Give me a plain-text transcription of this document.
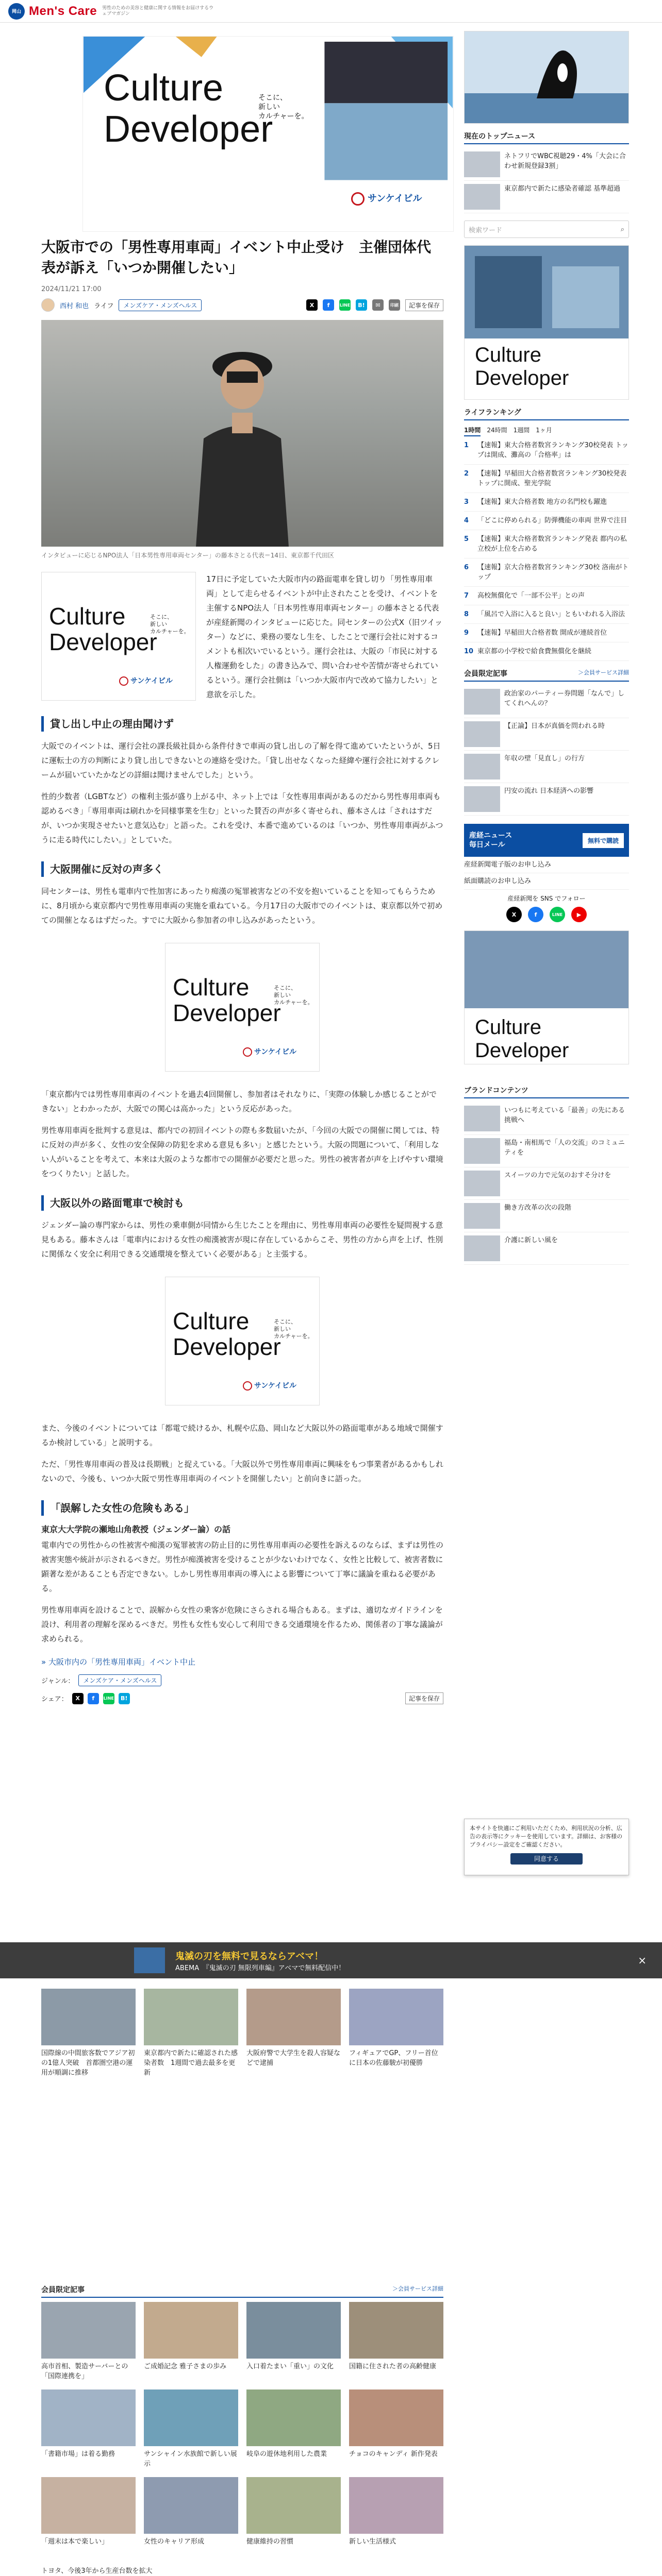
岡山 Men's Care 男性のための美容と健康に関する情報をお届けするウェブマガジン
Culture
Developer
そこに、
新しい
カルチャーを。
サンケイビル
大阪市での「男性専用車両」イベント中止受け　主催団体代表が訴え「いつか開催したい」
2024/11/21 17:00
西村 和也 ライフ	メンズケア・メンズヘルス	X	f	LINE	B!	✉	印刷	記事を保存
インタビューに応じるNPO法人「日本男性専用車両センター」の藤本さとる代表＝14日、東京都千代田区
Culture
Developer
そこに、
新しい
カルチャーを。
サンケイビル

17日に予定していた大阪市内の路面電車を貸し切り「男性専用車両」として走らせるイベントが中止されたことを受け、イベントを主催するNPO法人「日本男性専用車両センター」の藤本さとる代表が産経新聞のインタビューに応じた。同センターの公式X（旧ツイッター）などに、乗務の要なし生を、したことで運行会社に対するコメントも相次いでいるという。運行会社は、大阪の「市民に対する人権運動をした」の書き込みで、問い合わせや苦情が寄せられているという。運行会社側は「いつか大阪市内で改めて協力したい」と意欲を示した。

貸し出し中止の理由聞けず

大阪でのイベントは、運行会社の課長級社員から条件付きで車両の貸し出しの了解を得て進めていたというが、5日に運転士の方の判断により貸し出しできないとの連絡を受けた。「貸し出せなくなった経緯や運行会社に対するクレームが届いていたかなどの詳細は聞けませんでした」という。

性的少数者（LGBTなど）の権利主張が盛り上がる中、ネット上では「女性専用車両があるのだから男性専用車両も認めるべき」「専用車両は刷れかを同様事業を生む」といった賛否の声が多く寄せられ、藤本さんは「されはすだが、いつか実現させたいと意気込む」と語った。これを受け、本番で進めているのは「いつか、男性専用車両がふつうに走る時代にしたい。」としていた。

大阪開催に反対の声多く

同センターは、男性も電車内で性加害にあったり痴漢の冤罪被害などの不安を抱いていることを知ってもらうために、8月頃から東京都内で男性専用車両の実施を重ねている。今月17日の大阪市でのイベントは、東京都以外で初めての開催となるはずだった。すでに大阪から参加者の申し込みがあったという。

Culture
Developer
そこに、
新しい
カルチャーを。
サンケイビル

「東京都内では男性専用車両のイベントを過去4回開催し、参加者はそれなりに、「実際の体験しか感じることができない」とわかったが、大阪での関心は高かった」という反応があった。

男性専用車両を批判する意見は、都内での初回イベントの際も多数届いたが、「今回の大阪での開催に関しては、特に反対の声が多く、女性の安全保障の防犯を求める意見も多い」と感じたという。大阪の問題について、「利用しない人がいることを考えて、本来は大阪のような都市での開催が必要だと思った。男性の被害者が声を上げやすい環境をつくりたい」と話した。

大阪以外の路面電車で検討も

ジェンダー論の専門家からは、男性の乗車側が同情から生じたことを理由に、男性専用車両の必要性を疑問視する意見もある。藤本さんは「電車内における女性の痴漢被害が現に存在しているからこそ、男性の方から声を上げ、性別に関係なく安全に利用できる交通環境を整えていく必要がある」と主張する。

Culture
Developer
そこに、
新しい
カルチャーを。
サンケイビル

また、今後のイベントについては「都電で続けるか、札幌や広島、岡山など大阪以外の路面電車がある地域で開催するか検討している」と説明する。

ただ、「男性専用車両の普及は長期戦」と捉えている。「大阪以外で男性専用車両に興味をもつ事業者があるかもしれないので、今後も、いつか大阪で男性専用車両のイベントを開催したい」と前向きに語った。

「誤解した女性の危険もある」
東京大大学院の瀬地山角教授（ジェンダー論）の話

電車内での男性からの性被害や痴漢の冤罪被害の防止目的に男性専用車両の必要性を訴えるのならば、まずは男性の被害実態や統計が示されるべきだ。男性が痴漢被害を受けることが少ないわけでなく、女性と比較して、被害者数に顕著な差があることも否定できない。しかし男性専用車両の導入による影響について丁寧に議論を重ねる必要がある。

男性専用車両を設けることで、誤解から女性の乗客が危険にさらされる場合もある。まずは、適切なガイドラインを設け、利用者の理解を深めるべきだ。男性も女性も安心して利用できる交通環境を作るため、関係者の丁寧な議論が求められる。

» 大阪市内の「男性専用車両」イベント中止
ジャンル：	メンズケア・メンズヘルス
シェア：	X	f	LINE	B!	記事を保存
現在のトップニュース
ネトフリでWBC視聴29・4%「大会に合わせ新規登録3割」
東京都内で新たに感染者確認 基準超過
検索ワード	⌕
Culture
Developer
ライフランキング
1時間 24時間 1週間 1ヶ月
1	【速報】東大合格者数宮ランキング30校発表 トップは開成、灘高の「合格率」は
2	【速報】早稲田大合格者数宮ランキング30校発表 トップに開成、聖光学院
3	【速報】東大合格者数 地方の名門校も躍進
4	「どこに停められる」防弾機能の車両 世界で注目
5	【速報】東大合格者数宮ランキング発表 都内の私立校が上位を占める
6	【速報】京大合格者数宮ランキング30校 洛南がトップ
7	高校無償化で「一部不公平」との声
8	「風呂で入浴に入ると良い」ともいわれる入浴法
9	【速報】早稲田大合格者数 開成が連続首位
10 東京都の小学校で給食費無償化を継続
会員限定記事	＞会員サービス詳細
政治家のパーティー券問題「なんで」してくれへんの？
【正論】日本が真価を問われる時
年収の壁「見直し」の行方
円安の流れ 日本経済への影響
産経ニュース
毎日メール
無料で購読
産経新聞電子版のお申し込み
紙面購読のお申し込み
産経新聞を SNS でフォロー
X	f	LINE	▶
Culture
Developer
ブランドコンテンツ
いつもに考えている「最善」の先にある挑戦へ
福島・南相馬で「人の交流」のコミュニティを
スイーツの力で元気のおすそ分けを
働き方改革の次の段階
介護に新しい風を
本サイトを快適にご利用いただくため、利用状況の分析、広告の表示等にクッキーを使用しています。詳細は、お客様のプライバシー設定をご確認ください。
同意する
鬼滅の刃を無料で見るならアベマ！
ABEMA　 『鬼滅の刃 無限列車編』アベマで無料配信中！
×
国際線の中間旅客数でアジア初の1億人突破　首都圏空港の運用が順調に推移
東京都内で新たに確認された感染者数　1週間で過去最多を更新
大阪府警で大学生を殺人容疑などで逮捕
フィギュアでGP、フリー首位に日本の佐藤駿が初優勝
会員限定記事	＞会員サービス詳細
高市首相、製造サーバーとの「国際連携を」
ご成婚記念 雅子さまの歩み	入口着たまい「重い」の文化	国籍に住された者の高齢健康
「書籍市場」は着る勤務	サンシャイン水族館で新しい展示
岐阜の遊休地利用した農業	チョコのキャンディ 新作発表
「週末は本で楽しい」	女性のキャリア形成	健康維持の習慣	新しい生活様式
トヨタ、今後3年から生産台数を拡大
